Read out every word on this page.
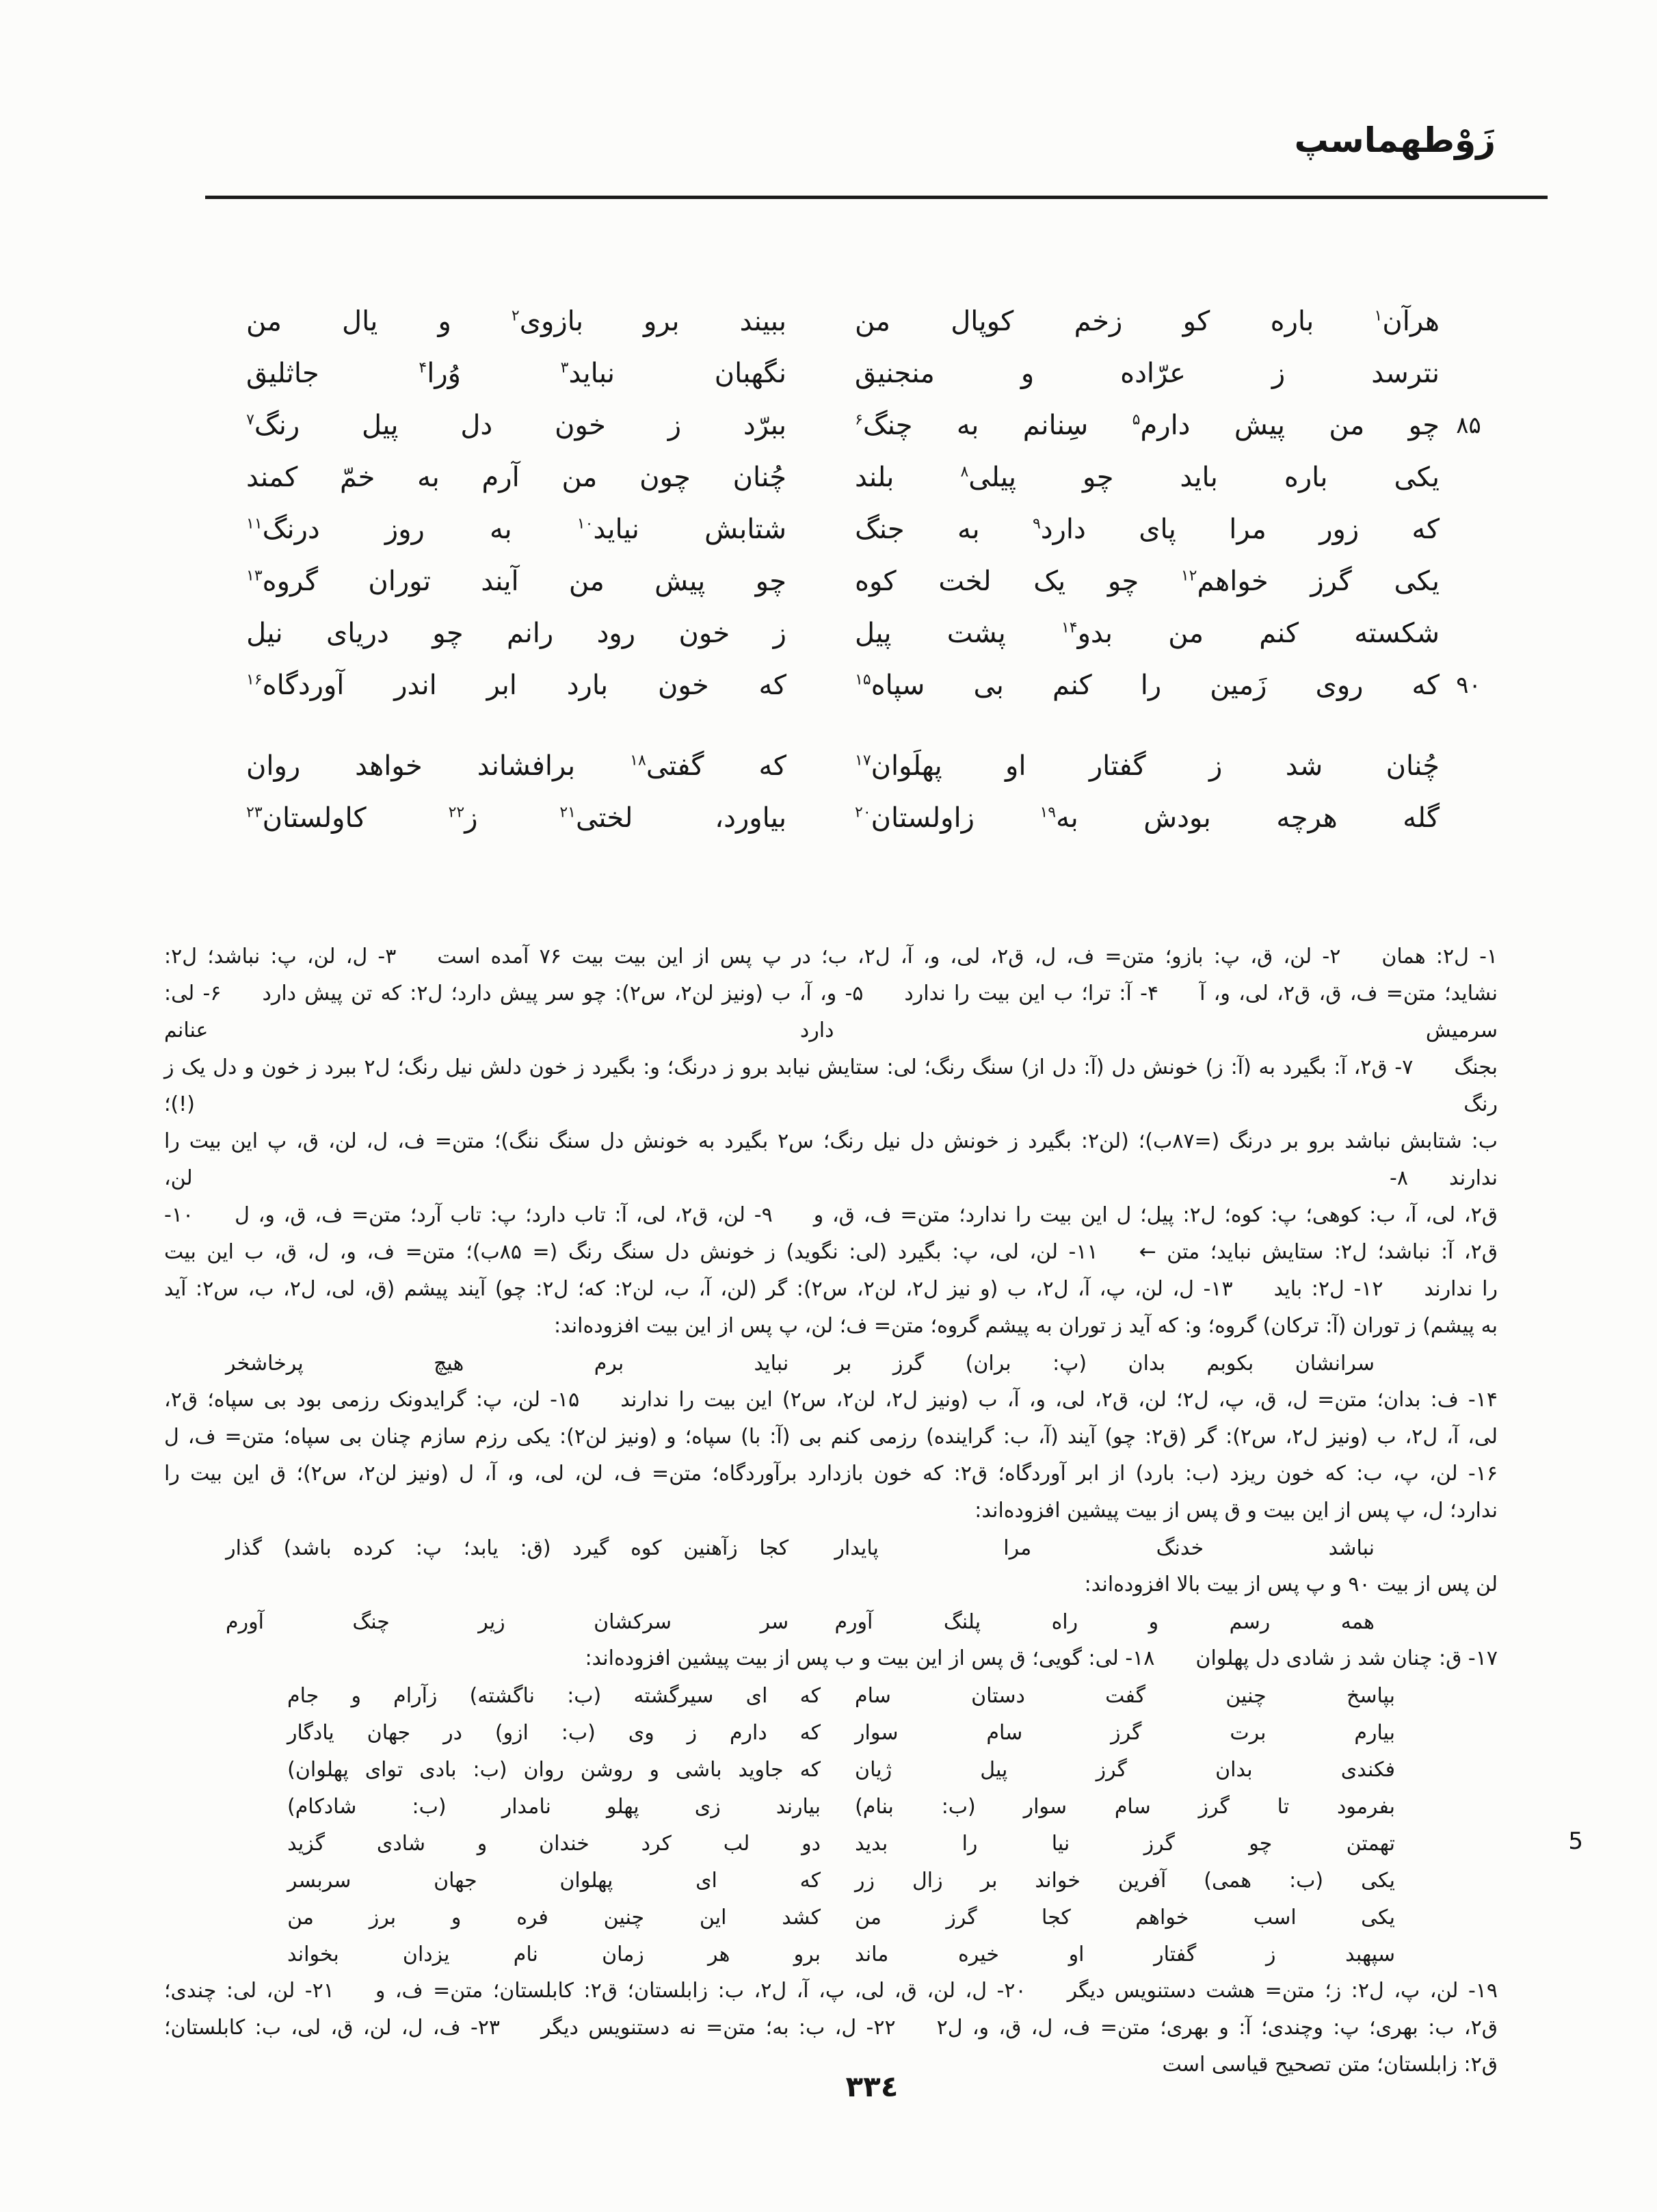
زَوْطهماسپ
هرآن$^۱$
باره
کو
زخم
کوپال
من
ببیند
برو
بازوی$^۲$
و
یال
من
نترسد
ز
عرّاده
و
منجنیق
نگهبان
نباید$^۳$
وُرا$^۴$
جاثلیق
۸۵
چو
من
پیش
دارم$^۵$
سِنانم
به
چنگ$^۶$
ببرّد
ز
خون
دل
پیل
رنگ$^۷$
یکی
باره
باید
چو
پیلی$^۸$
بلند
چُنان
چون
من
آرم
به
خمّ
کمند
که
زور
مرا
پای
دارد$^۹$
به
جنگ
شتابش
نیاید$^{۱۰}$
به
روز
درنگ$^{۱۱}$
یکی
گرز
خواهم$^{۱۲}$
چو
یک
لخت
کوه
چو
پیش
من
آیند
توران
گروه$^{۱۳}$
شکسته
کنم
من
بدو$^{۱۴}$
پشت
پیل
ز
خون
رود
رانم
چو
دریای
نیل
۹۰
که
روی
زَمین
را
کنم
بی
سپاه$^{۱۵}$
که
خون
بارد
ابر
اندر
آوردگاه$^{۱۶}$
چُنان
شد
ز
گفتار
او
پهلَوان$^{۱۷}$
که
گفتی$^{۱۸}$
برافشاند
خواهد
روان
گله
هرچه
بودش
به$^{۱۹}$
زاولستان$^{۲۰}$
بیاورد،
لختی$^{۲۱}$
ز$^{۲۲}$
کاولستان$^{۲۳}$
۱- ل۲: همان  ۲- لن، ق، پ: بازو؛ متن= ف، ل، ق۲، لی، و، آ، ل۲، ب؛ در پ پس از این بیت بیت ۷۶ آمده است  ۳- ل، لن، پ: نباشد؛ ل۲:
نشاید؛ متن= ف، ق، ق۲، لی، و، آ  ۴- آ: ترا؛ ب این بیت را ندارد  ۵- و، آ، ب (ونیز لن۲، س۲): چو سر پیش دارد؛ ل۲: که تن پیش دارد  ۶- لی: سرمیش دارد عنانم
بجنگ  ۷- ق۲، آ: بگیرد به (آ: ز) خونش دل (آ: دل از) سنگ رنگ؛ لی: ستایش نیابد برو ز درنگ؛ و: بگیرد ز خون دلش نیل رنگ؛ ل۲ ببرد ز خون و دل یک ز رنگ (!)؛
ب: شتابش نباشد برو بر درنگ (=۸۷ب)؛ (لن۲: بگیرد ز خونش دل نیل رنگ؛ س۲ بگیرد به خونش دل سنگ ننگ)؛ متن= ف، ل، لن، ق، پ این بیت را ندارند  ۸- لن،
ق۲، لی، آ، ب: کوهی؛ پ: کوه؛ ل۲: پیل؛ ل این بیت را ندارد؛ متن= ف، ق، و  ۹- لن، ق۲، لی، آ: تاب دارد؛ پ: تاب آرد؛ متن= ف، ق، و، ل  ۱۰-
ق۲، آ: نباشد؛ ل۲: ستایش نباید؛ متن ←  ۱۱- لن، لی، پ: بگیرد (لی: نگوید) ز خونش دل سنگ رنگ (= ۸۵ب)؛ متن= ف، و، ل، ق، ب این بیت
را ندارند  ۱۲- ل۲: باید  ۱۳- ل، لن، پ، آ، ل۲، ب (و نیز ل۲، لن۲، س۲): گر (لن، آ، ب، لن۲: که؛ ل۲: چو) آیند پیشم (ق، لی، ل۲، ب، س۲: آید
به پیشم) ز توران (آ: ترکان) گروه؛ و: که آید ز توران به پیشم گروه؛ متن= ف؛ لن، پ پس از این بیت افزوده‌اند:
سرانشان
بکوبم
بدان
(پ:
بران)
گرز
بر
نباید
برم
هیچ
پرخاشخر
۱۴- ف: بدان؛ متن= ل، ق، پ، ل۲؛ لن، ق۲، لی، و، آ، ب (ونیز ل۲، لن۲، س۲) این بیت را ندارند  ۱۵- لن، پ: گرایدونک رزمی بود بی سپاه؛ ق۲،
لی، آ، ل۲، ب (ونیز ل۲، س۲): گر (ق۲: چو) آیند (آ، ب: گراینده) رزمی کنم بی (آ: با) سپاه؛ و (ونیز لن۲): یکی رزم سازم چنان بی سپاه؛ متن= ف، ل
۱۶- لن، پ، ب: که خون ریزد (ب: بارد) از ابر آوردگاه؛ ق۲: که خون بازدارد برآوردگاه؛ متن= ف، لن، لی، و، آ، ل (ونیز لن۲، س۲)؛ ق این بیت را
ندارد؛ ل، پ پس از این بیت و ق پس از بیت پیشین افزوده‌اند:
نباشد
خدنگ
مرا
پایدار
کجا
زآهنین
کوه
گیرد
(ق:
یابد؛
پ:
کرده
باشد)
گذار
لن پس از بیت ۹۰ و پ پس از بیت بالا افزوده‌اند:
همه
رسم
و
راه
پلنگ
آورم
سر
سرکشان
زیر
چنگ
آورم
۱۷- ق: چنان شد ز شادی دل پهلوان  ۱۸- لی: گویی؛ ق پس از این بیت و ب پس از بیت پیشین افزوده‌اند:
بپاسخ
چنین
گفت
دستان
سام
که
ای
سیرگشته
(ب:
ناگشته)
زآرام
و
جام
بیارم
برت
گرز
سام
سوار
که
دارم
ز
وی
(ب:
ازو)
در
جهان
یادگار
فکندی
بدان
گرز
پیل
ژیان
که
جاوید
باشی
و
روشن
روان
(ب:
بادی
توای
پهلوان)
بفرمود
تا
گرز
سام
سوار
(ب:
بنام)
بیارند
زی
پهلو
نامدار
(ب:
شادکام)
تهمتن
چو
گرز
نیا
را
بدید
دو
لب
کرد
خندان
و
شادی
گزید	5
یکی
(ب:
همی)
آفرین
خواند
بر
زال
زر
که
ای
پهلوان
جهان
سربسر
یکی
اسب
خواهم
کجا
گرز
من
کشد
این
چنین
فره
و
برز
من
سپهبد
ز
گفتار
او
خیره
ماند
برو
هر
زمان
نام
یزدان
بخواند
۱۹- لن، پ، ل۲: ز؛ متن= هشت دستنویس دیگر  ۲۰- ل، لن، ق، لی، پ، آ، ل۲، ب: زابلستان؛ ق۲: کابلستان؛ متن= ف، و  ۲۱- لن، لی: چندی؛
ق۲، ب: بهری؛ پ: وچندی؛ آ: و بهری؛ متن= ف، ل، ق، و، ل۲  ۲۲- ل، ب: به؛ متن= نه دستنویس دیگر  ۲۳- ف، ل، لن، ق، لی، ب: کابلستان؛
ق۲: زابلستان؛ متن تصحیح قیاسی است
٣٣٤
